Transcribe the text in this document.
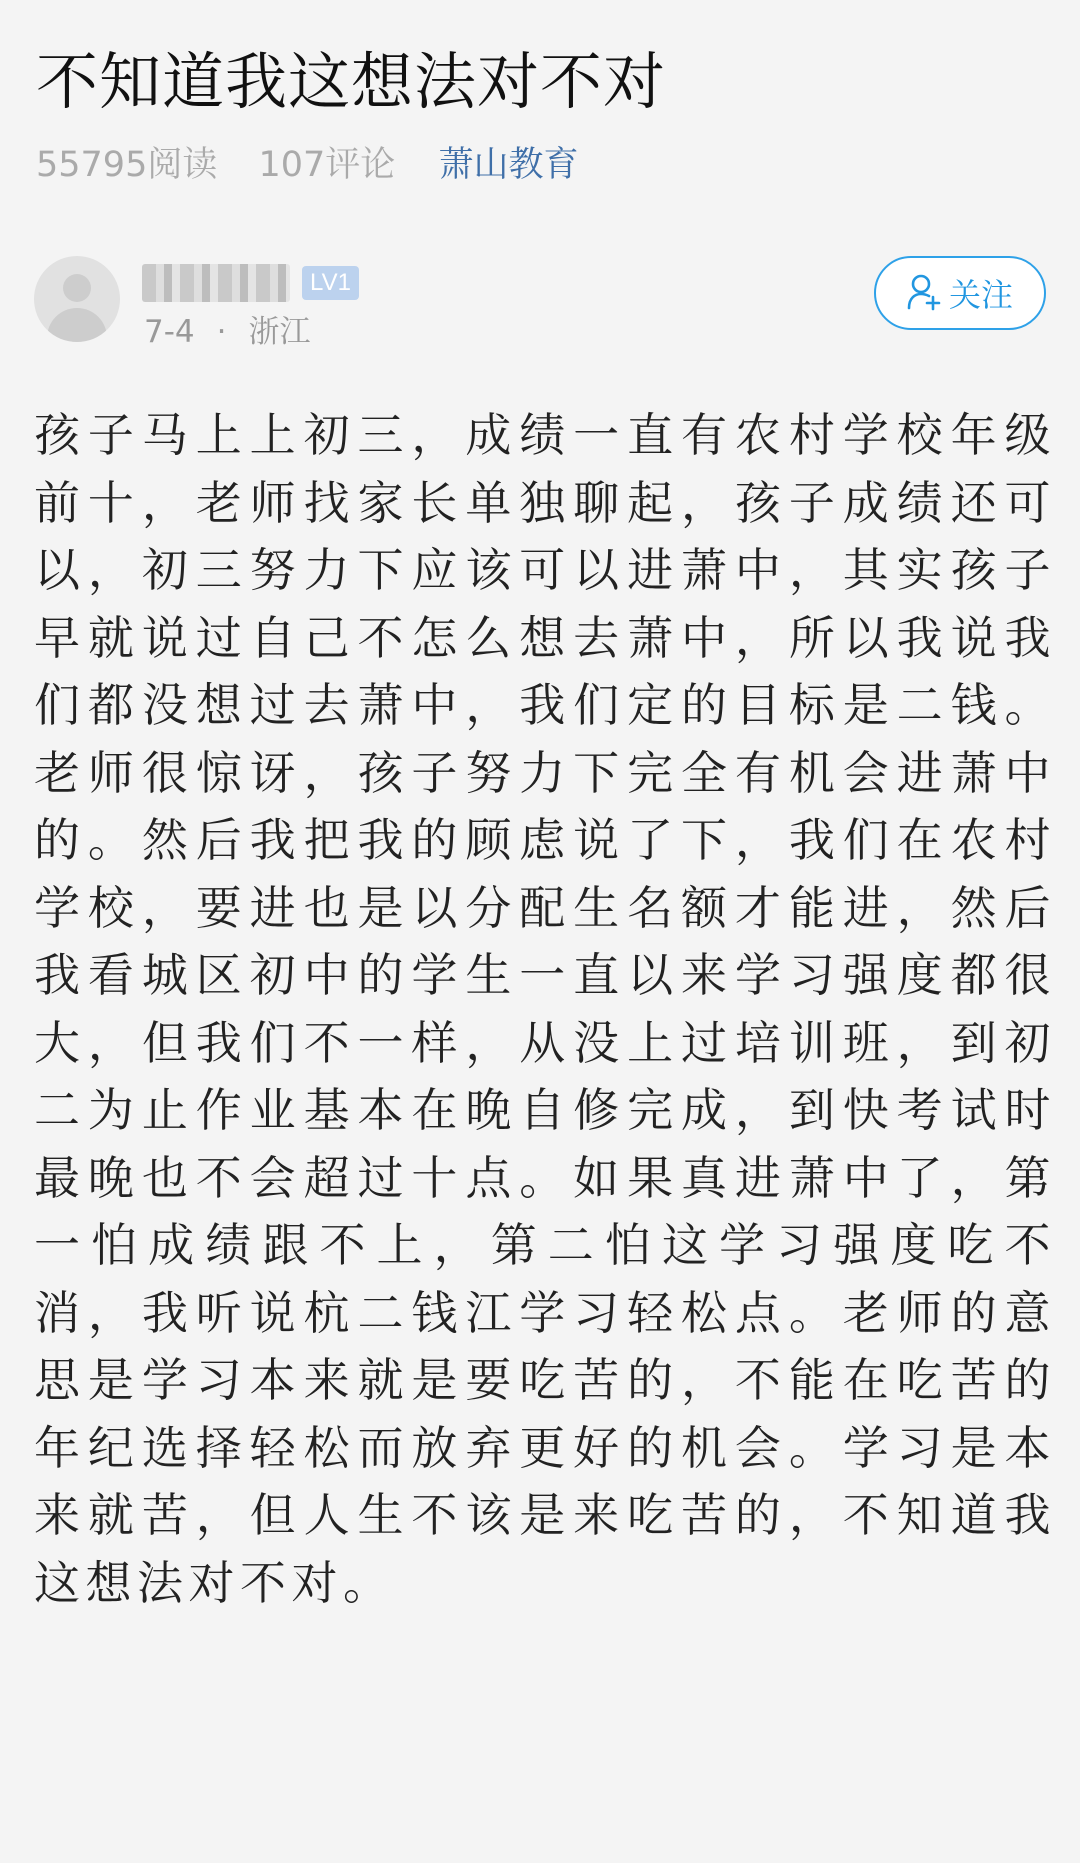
不知道我这想法对不对
55795阅读 107评论 萧山教育
LV1
7-4 · 浙江
关注

孩子马上上初三，成绩一直有农村学校年级前十，老师找家长单独聊起，孩子成绩还可以，初三努力下应该可以进萧中，其实孩子早就说过自己不怎么想去萧中，所以我说我们都没想过去萧中，我们定的目标是二钱。老师很惊讶，孩子努力下完全有机会进萧中的。然后我把我的顾虑说了下，我们在农村学校，要进也是以分配生名额才能进，然后我看城区初中的学生一直以来学习强度都很大，但我们不一样，从没上过培训班，到初二为止作业基本在晚自修完成，到快考试时最晚也不会超过十点。如果真进萧中了，第一怕成绩跟不上，第二怕这学习强度吃不消，我听说杭二钱江学习轻松点。老师的意思是学习本来就是要吃苦的，不能在吃苦的年纪选择轻松而放弃更好的机会。学习是本来就苦，但人生不该是来吃苦的，不知道我这想法对不对。
